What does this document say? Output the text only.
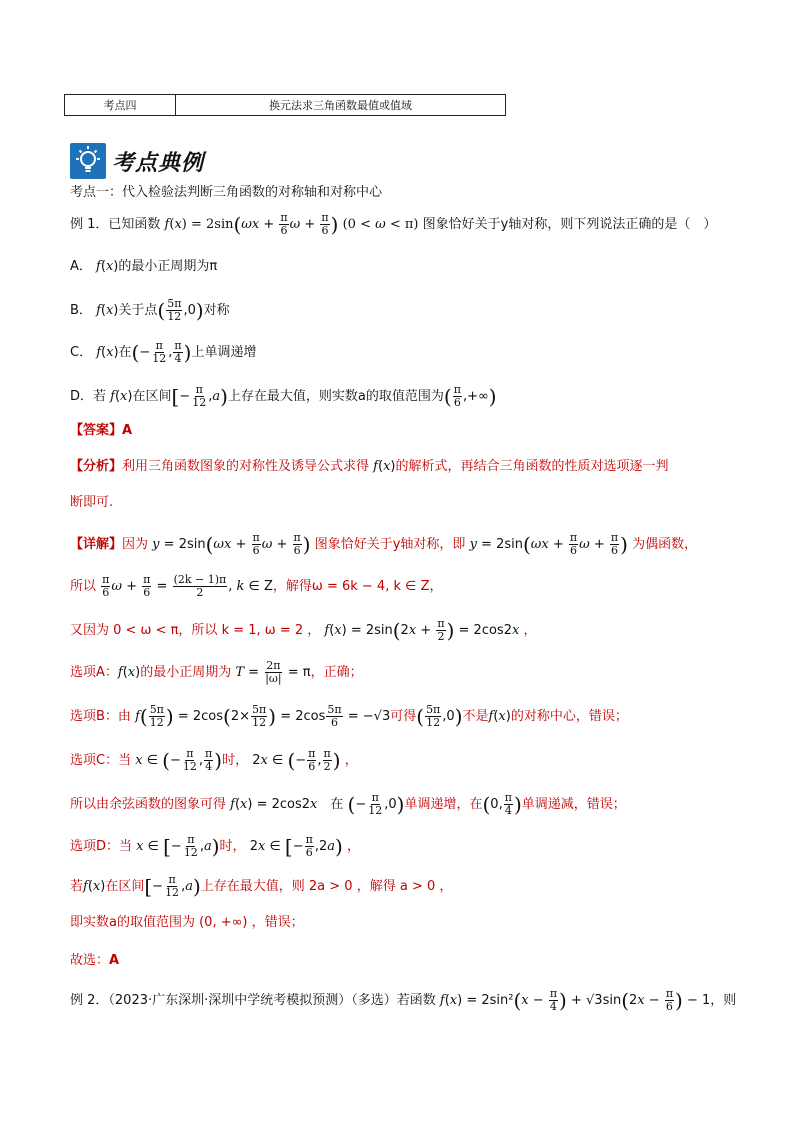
考点四	换元法求三角函数最值或值域
考点典例
考点一：代入检验法判断三角函数的对称轴和对称中心
例 1．已知函数 $f(x) = 2\sin(\omega x + \frac{\pi}{6}$ $\omega + \frac{\pi}{6}$ ) (0 < ω < π) 图象恰好关于y轴对称，则下列说法正确的是（　）
A． f(x)的最小正周期为π
B． f(x)关于点( $\frac{5\pi}{12} ,0$)对称
C． f(x)在(− $\frac{\pi}{12}$ , $\frac{\pi}{4}$ )上单调递增
D．若 f(x)在区间[− $\frac{\pi}{12} ,a$)上存在最大值，则实数a的取值范围为( $\frac{\pi}{6}$ ,+∞)
【答案】A
【分析】利用三角函数图象的对称性及诱导公式求得 f(x)的解析式，再结合三角函数的性质对选项逐一判
断即可.
【详解】因为 $y = 2\sin(\omega x + \frac{\pi}{6}$ $\omega + \frac{\pi}{6}$ ) 图象恰好关于y轴对称，即 $y = 2\sin(\omega x + \frac{\pi}{6}$ $\omega + \frac{\pi}{6}$ ) 为偶函数，
所以 $\frac{\pi}{6}$ $\omega + \frac{\pi}{6} = \frac{(2k - 1)\pi}{2}$ , k ∈ Z，解得ω = 6k − 4, k ∈ Z，
又因为 0 < ω < π，所以 k = 1, ω = 2 ， $f(x) = 2\sin(2x + \frac{\pi}{2}$ ) = 2cos2x ，
选项A：f(x)的最小正周期为 $T = \frac{2\pi}{|\omega|} = \pi$，正确；
选项B：由 $f( \frac{5\pi}{12}$ ) = $2\cos(2\times \frac{5\pi}{12}$ ) = $2\cos \frac{5\pi}{6} = -√3$可得( $\frac{5\pi}{12} ,0$)不是f(x)的对称中心，错误；
选项C：当 x ∈ (− $\frac{\pi}{12}$ , $\frac{\pi}{4}$ )时， 2x ∈ (− $\frac{\pi}{6}$ , $\frac{\pi}{2}$ ) ，
所以由余弦函数的图象可得 f(x) = 2cos2x　在 (− $\frac{\pi}{12} ,0$)单调递增，在(0, $\frac{\pi}{4}$ )单调递减，错误；
选项D：当 x ∈ [− $\frac{\pi}{12} ,a$)时， 2x ∈ [− $\frac{\pi}{6} ,2a$) ，
若f(x)在区间[− $\frac{\pi}{12} ,a$)上存在最大值，则 2a > 0 ，解得 a > 0 ，
即实数a的取值范围为 (0, +∞) ，错误；
故选：A
例 2．（2023·广东深圳·深圳中学统考模拟预测）（多选）若函数 $f(x) = 2\sin^2(x - \frac{\pi}{4}$ ) + $√3\sin(2x - \frac{\pi}{6}$ ) − 1，则
